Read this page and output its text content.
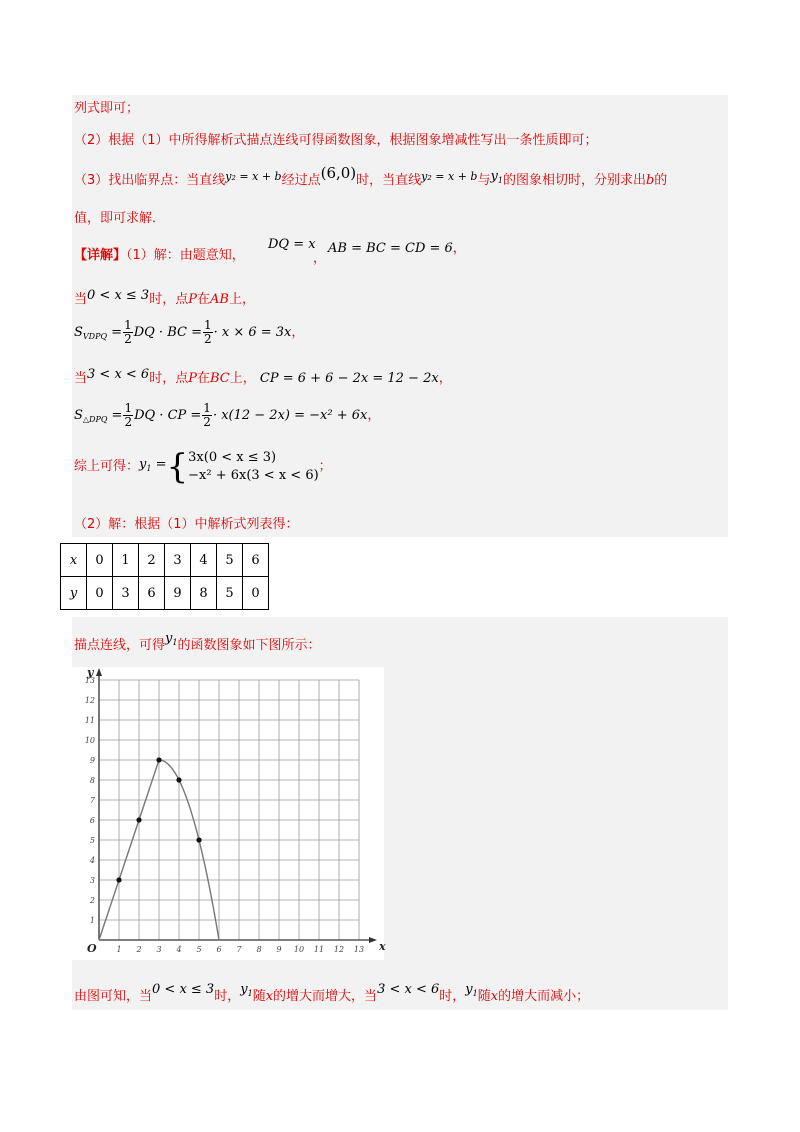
列式即可；
（2）根据（1）中所得解析式描点连线可得函数图象，根据图象增减性写出一条性质即可；
（3）找出临界点：当直线$^{y_2 = x + b}$经过点(6,0)时，当直线$^{y_2 = x + b}$与$y_1$的图象相切时，分别求出b的
值，即可求解．
【详解】（1）解：由题意知，
DQ = x
，
AB = BC = CD = 6，
当0 < x ≤ 3时，点P在AB上，
$S_{VDPQ} = \frac{1}{2}$ DQ · BC = $\frac{1}{2} \cdot x \times 6 = 3x$，
当3 < x < 6时，点P在BC上， CP = 6 + 6 − 2x = 12 − 2x，
$S_{\triangle DPQ} = \frac{1}{2}$ DQ · CP = $\frac{1}{2} \cdot x(12 - 2x) = -x^2 + 6x$，
综上可得：$y_1$ ={ 3x(0 < x ≤ 3)
−x² + 6x(3 < x < 6)
；
（2）解：根据（1）中解析式列表得：
x	0	1	2	3	4	5	6
y	0	3	6	9	8	5	0
描点连线，可得$y_1$的函数图象如下图所示：
1 2 3 4 5 6 7 8 9 10 11 12 13
1
2
3
4
5
6
7
8
9
10
11
12
13
O	x
y
由图可知，当0 < x ≤ 3时，$y_1$随x的增大而增大，当3 < x < 6时，$y_1$随x的增大而减小；
